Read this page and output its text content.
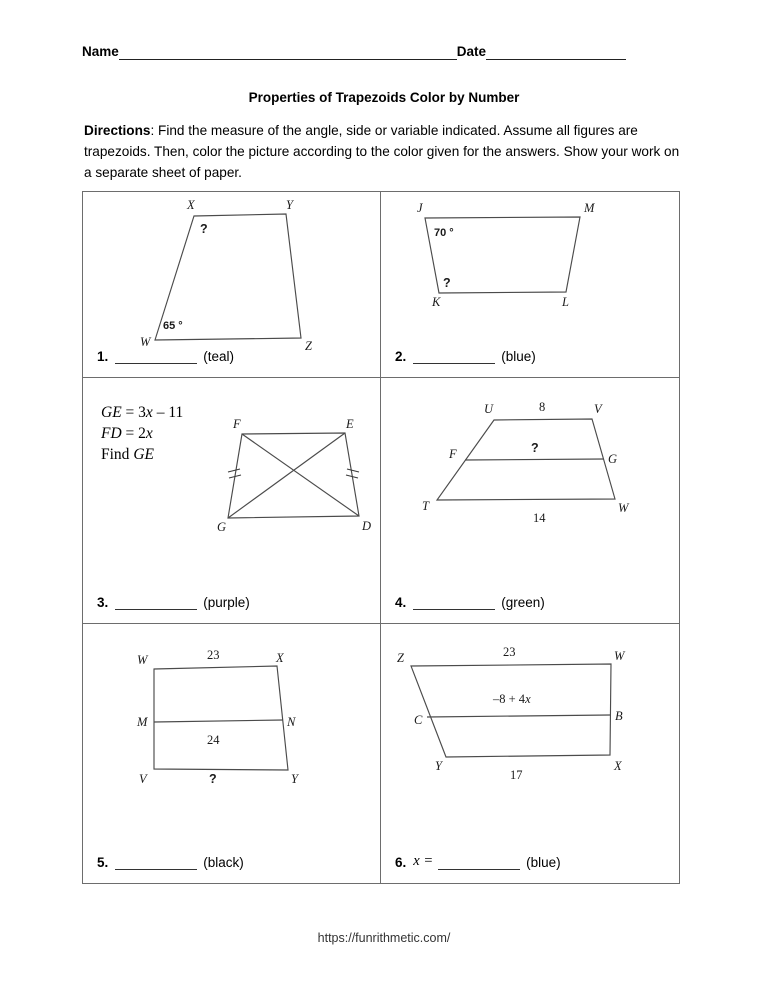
Name	Date
Properties of Trapezoids Color by Number
Directions: Find the measure of the angle, side or variable indicated. Assume all figures are trapezoids. Then, color the picture according to the color given for the answers. Show your work on a separate sheet of paper.
X	Y
Z
W
65 °
?
1.	(teal)
J	M
L
K
70 °
?
2.	(blue)
GE = 3x – 11
FD = 2x
Find GE
F	E
D
G
3.	(purple)
U	V
W
T
F	G
8
14
?
4.	(green)
W	X
Y
V
M	N
23
24
?
5.	(black)
Z	W
X
Y
C	B
23
17
–8 + 4x
6. x =	(blue)
https://funrithmetic.com/
